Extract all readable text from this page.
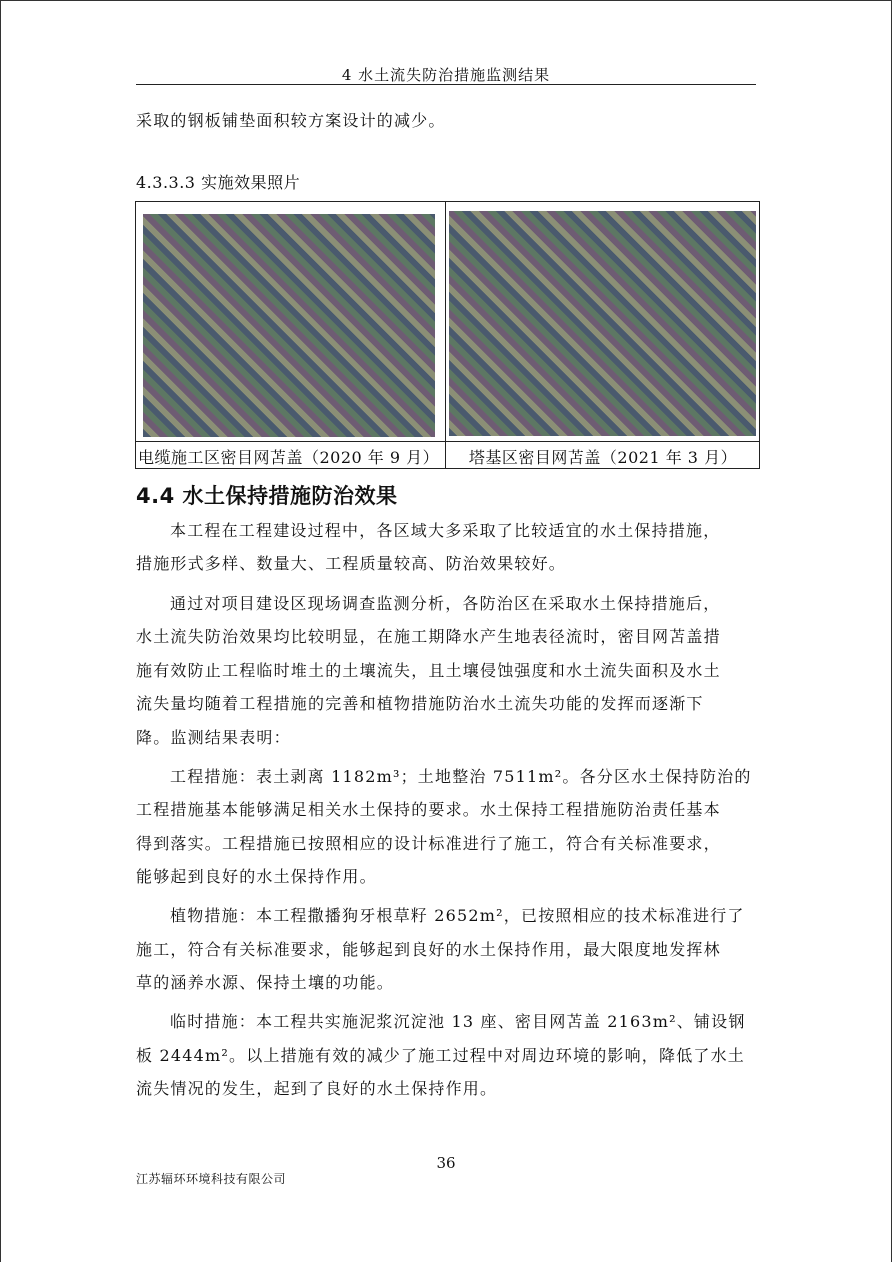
4 水土流失防治措施监测结果
采取的钢板铺垫面积较方案设计的减少。
4.3.3.3 实施效果照片
电缆施工区密目网苫盖（2020 年 9 月）	塔基区密目网苫盖（2021 年 3 月）
4.4 水土保持措施防治效果
本工程在工程建设过程中，各区域大多采取了比较适宜的水土保持措施，
措施形式多样、数量大、工程质量较高、防治效果较好。
通过对项目建设区现场调查监测分析，各防治区在采取水土保持措施后，
水土流失防治效果均比较明显，在施工期降水产生地表径流时，密目网苫盖措
施有效防止工程临时堆土的土壤流失，且土壤侵蚀强度和水土流失面积及水土
流失量均随着工程措施的完善和植物措施防治水土流失功能的发挥而逐渐下
降。监测结果表明：
工程措施：表土剥离 1182m³；土地整治 7511m²。各分区水土保持防治的
工程措施基本能够满足相关水土保持的要求。水土保持工程措施防治责任基本
得到落实。工程措施已按照相应的设计标准进行了施工，符合有关标准要求，
能够起到良好的水土保持作用。
植物措施：本工程撒播狗牙根草籽 2652m²，已按照相应的技术标准进行了
施工，符合有关标准要求，能够起到良好的水土保持作用，最大限度地发挥林
草的涵养水源、保持土壤的功能。
临时措施：本工程共实施泥浆沉淀池 13 座、密目网苫盖 2163m²、铺设钢
板 2444m²。以上措施有效的减少了施工过程中对周边环境的影响，降低了水土
流失情况的发生，起到了良好的水土保持作用。
36
江苏辐环环境科技有限公司
